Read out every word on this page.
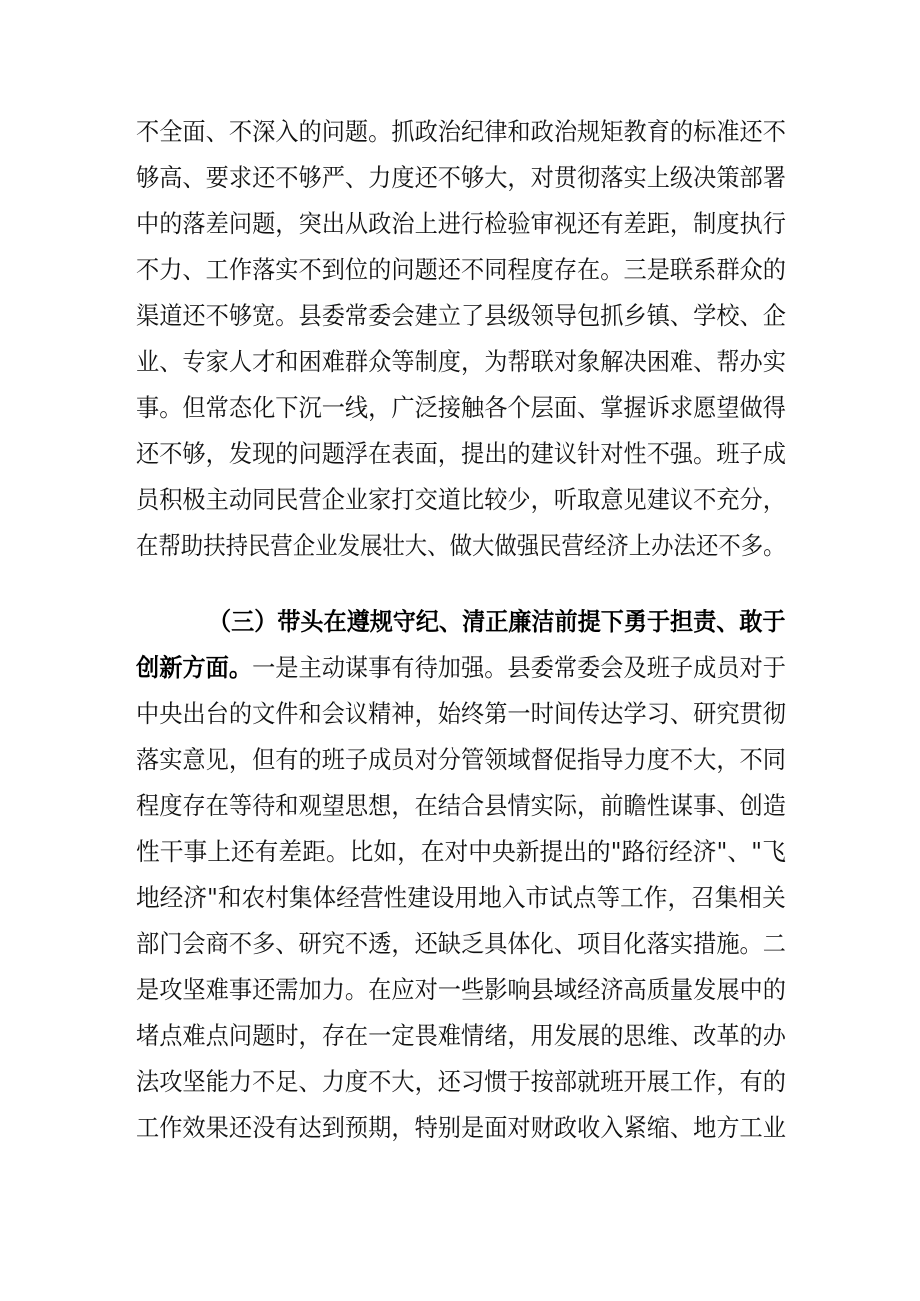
不全面、不深入的问题。抓政治纪律和政治规矩教育的标准还不
够高、要求还不够严、力度还不够大，对贯彻落实上级决策部署
中的落差问题，突出从政治上进行检验审视还有差距，制度执行
不力、工作落实不到位的问题还不同程度存在。三是联系群众的
渠道还不够宽。县委常委会建立了县级领导包抓乡镇、学校、企
业、专家人才和困难群众等制度，为帮联对象解决困难、帮办实
事。但常态化下沉一线，广泛接触各个层面、掌握诉求愿望做得
还不够，发现的问题浮在表面，提出的建议针对性不强。班子成
员积极主动同民营企业家打交道比较少，听取意见建议不充分，
在帮助扶持民营企业发展壮大、做大做强民营经济上办法还不多。
（三）带头在遵规守纪、清正廉洁前提下勇于担责、敢于
创新方面。一是主动谋事有待加强。县委常委会及班子成员对于
中央出台的文件和会议精神，始终第一时间传达学习、研究贯彻
落实意见，但有的班子成员对分管领域督促指导力度不大，不同
程度存在等待和观望思想，在结合县情实际，前瞻性谋事、创造
性干事上还有差距。比如，在对中央新提出的"路衍经济"、"飞
地经济"和农村集体经营性建设用地入市试点等工作，召集相关
部门会商不多、研究不透，还缺乏具体化、项目化落实措施。二
是攻坚难事还需加力。在应对一些影响县域经济高质量发展中的
堵点难点问题时，存在一定畏难情绪，用发展的思维、改革的办
法攻坚能力不足、力度不大，还习惯于按部就班开展工作，有的
工作效果还没有达到预期，特别是面对财政收入紧缩、地方工业
